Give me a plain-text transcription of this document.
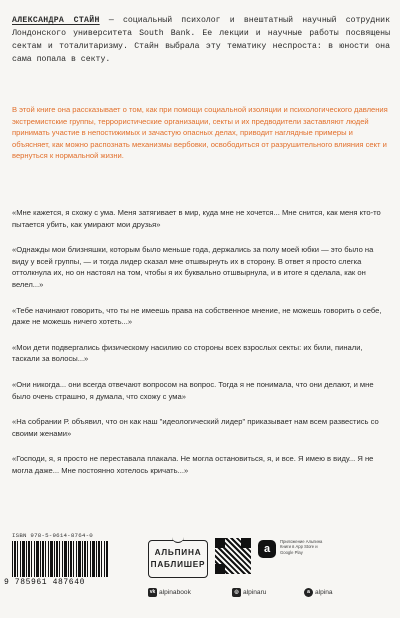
АЛЕКСАНДРА СТАЙН — социальный психолог и внештатный научный сотрудник Лондонского университета South Bank. Ее лекции и научные работы посвящены сектам и тоталитаризму. Стайн выбрала эту тематику неспроста: в юности она сама попала в секту.
В этой книге она рассказывает о том, как при помощи социальной изоляции и психологического давления экстремистские группы, террористические организации, секты и их предводители заставляют людей принимать участие в непостижимых и зачастую опасных делах, приводит наглядные примеры и объясняет, как можно распознать механизмы вербовки, освободиться от разрушительного влияния сект и вернуться к нормальной жизни.

«Мне кажется, я схожу с ума. Меня затягивает в мир, куда мне не хочется... Мне снится, как меня кто-то пытается убить, как умирают мои друзья»

«Однажды мои близняшки, которым было меньше года, держались за полу моей юбки — это было на виду у всей группы, — и тогда лидер сказал мне отшвырнуть их в сторону. В ответ я просто слегка оттолкнула их, но он настоял на том, чтобы я их буквально отшвырнула, и в итоге я сделала, как он велел...»

«Тебе начинают говорить, что ты не имеешь права на собственное мнение, не можешь говорить о себе, даже не можешь ничего хотеть...»

«Мои дети подвергались физическому насилию со стороны всех взрослых секты: их били, пинали, таскали за волосы...»

«Они никогда... они всегда отвечают вопросом на вопрос. Тогда я не понимала, что они делают, и мне было очень страшно, я думала, что схожу с ума»

«На собрании Р. объявил, что он как наш "идеологический лидер" приказывает нам всем развестись со своими женами»

«Господи, я, я просто не переставала плакала. Не могла остановиться, я, и все. Я имею в виду... Я не могла даже... Мне постоянно хотелось кричать...»

ISBN 978-5-9614-8764-0
9 785961 487640
АЛЬПИНА
ПАБЛИШЕР
a
Приложение Альпина Книги в App Store и Google Play
vk alpinabook	◎ alpinaru	a alpina
